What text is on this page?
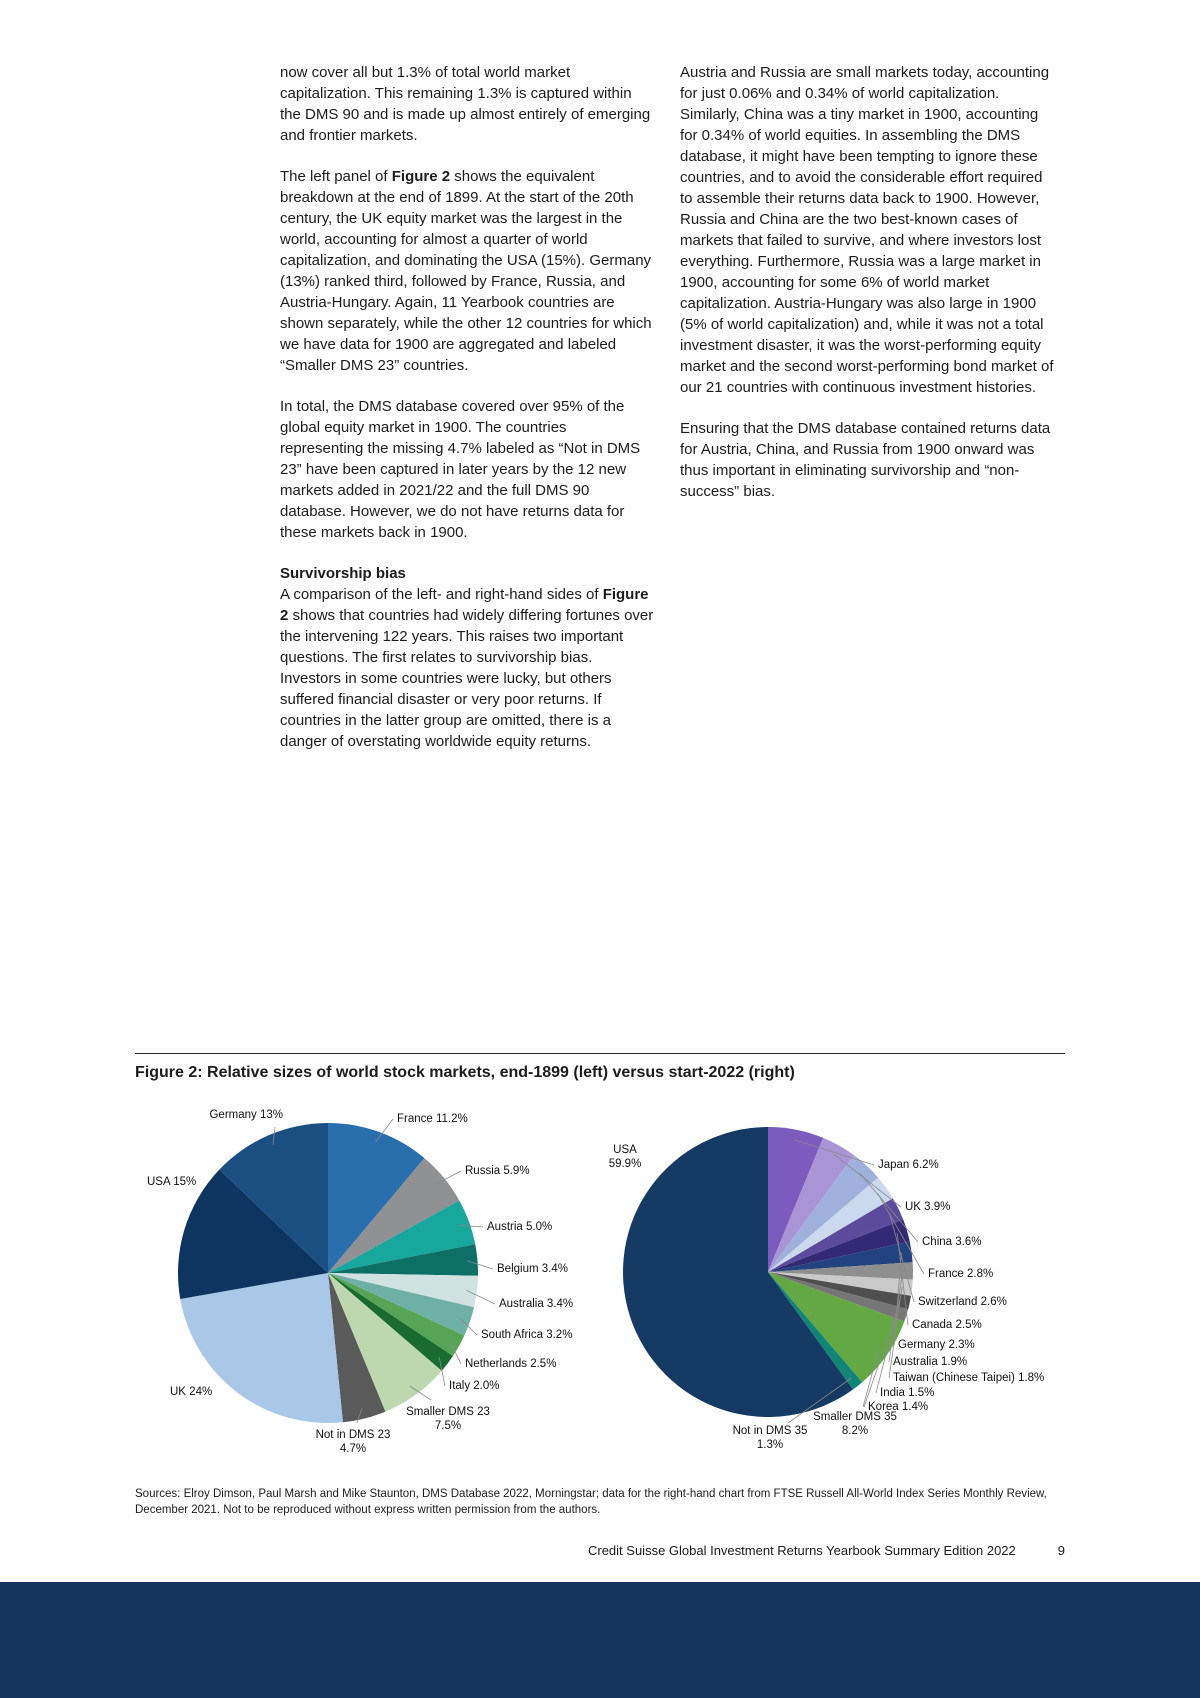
now cover all but 1.3% of total world market capitalization. This remaining 1.3% is captured within the DMS 90 and is made up almost entirely of emerging and frontier markets.

The left panel of Figure 2 shows the equivalent breakdown at the end of 1899. At the start of the 20th century, the UK equity market was the largest in the world, accounting for almost a quarter of world capitalization, and dominating the USA (15%). Germany (13%) ranked third, followed by France, Russia, and Austria-Hungary. Again, 11 Yearbook countries are shown separately, while the other 12 countries for which we have data for 1900 are aggregated and labeled “Smaller DMS 23” countries.

In total, the DMS database covered over 95% of the global equity market in 1900. The countries representing the missing 4.7% labeled as “Not in DMS 23” have been captured in later years by the 12 new markets added in 2021/22 and the full DMS 90 database. However, we do not have returns data for these markets back in 1900.

Survivorship bias

A comparison of the left- and right-hand sides of Figure 2 shows that countries had widely differing fortunes over the intervening 122 years. This raises two important questions. The first relates to survivorship bias. Investors in some countries were lucky, but others suffered financial disaster or very poor returns. If countries in the latter group are omitted, there is a danger of overstating worldwide equity returns.

Austria and Russia are small markets today, accounting for just 0.06% and 0.34% of world capitalization. Similarly, China was a tiny market in 1900, accounting for 0.34% of world equities. In assembling the DMS database, it might have been tempting to ignore these countries, and to avoid the considerable effort required to assemble their returns data back to 1900. However, Russia and China are the two best-known cases of markets that failed to survive, and where investors lost everything. Furthermore, Russia was a large market in 1900, accounting for some 6% of world market capitalization. Austria-Hungary was also large in 1900 (5% of world capitalization) and, while it was not a total investment disaster, it was the worst-performing equity market and the second worst-performing bond market of our 21 countries with continuous investment histories.

Ensuring that the DMS database contained returns data for Austria, China, and Russia from 1900 onward was thus important in eliminating survivorship and “non-success” bias.

Figure 2: Relative sizes of world stock markets, end-1899 (left) versus start-2022 (right)
France 11.2%
Russia 5.9%
Austria 5.0%
Belgium 3.4%
Australia 3.4%
South Africa 3.2%
Netherlands 2.5%
Italy 2.0%
Smaller DMS 23
7.5%
Not in DMS 23
4.7%
UK 24%
USA 15%
Germany 13%
Japan 6.2%
UK 3.9%
China 3.6%
France 2.8%
Switzerland 2.6%
Canada 2.5%
Germany 2.3%
Australia 1.9%
Taiwan (Chinese Taipei) 1.8%
India 1.5%
Korea 1.4%
Smaller DMS 35
8.2%
Not in DMS 35
1.3%
USA
59.9%
Sources: Elroy Dimson, Paul Marsh and Mike Staunton, DMS Database 2022, Morningstar; data for the right-hand chart from FTSE Russell All-World Index Series Monthly Review, December 2021. Not to be reproduced without express written permission from the authors.
Credit Suisse Global Investment Returns Yearbook Summary Edition 2022	9
